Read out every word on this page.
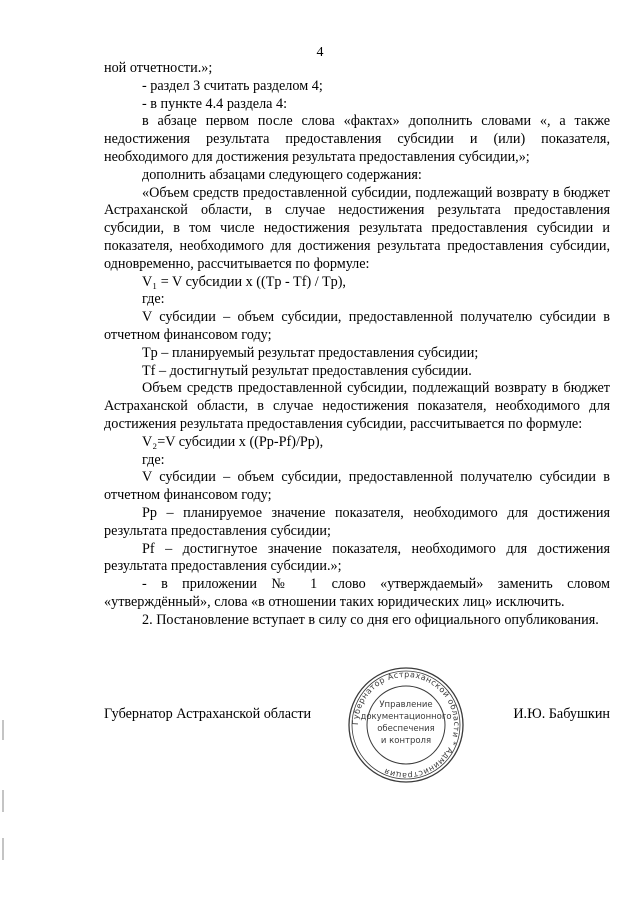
4

ной отчетности.»;

- раздел 3 считать разделом 4;

- в пункте 4.4 раздела 4:

в абзаце первом после слова «фактах» дополнить словами «, а также недостижения результата предоставления субсидии и (или) показателя, необходимого для достижения результата предоставления субсидии,»;

дополнить абзацами следующего содержания:

«Объем средств предоставленной субсидии, подлежащий возврату в бюджет Астраханской области, в случае недостижения результата предоставления субсидии, в том числе недостижения результата предоставления субсидии и показателя, необходимого для достижения результата предоставления субсидии, одновременно, рассчитывается по формуле:

V₁ = V субсидии x ((Tp - Tf) / Tp),

где:

V субсидии – объем субсидии, предоставленной получателю субсидии в отчетном финансовом году;

Tp – планируемый результат предоставления субсидии;

Tf – достигнутый результат предоставления субсидии.

Объем средств предоставленной субсидии, подлежащий возврату в бюджет Астраханской области, в случае недостижения показателя, необходимого для достижения результата предоставления субсидии, рассчитывается по формуле:

V₂=V субсидии x ((Pp-Pf)/Pp),

где:

V субсидии – объем субсидии, предоставленной получателю субсидии в отчетном финансовом году;

Pp – планируемое значение показателя, необходимого для достижения результата предоставления субсидии;

Pf – достигнутое значение показателя, необходимого для достижения результата предоставления субсидии.»;

- в приложении № 1 слово «утверждаемый» заменить словом «утверждённый», слова «в отношении таких юридических лиц» исключить.

2. Постановление вступает в силу со дня его официального опубликования.

Губернатор Астраханской области	И.Ю. Бабушкин
Губернатор Астраханской области * Администрация
Управление
документационного
обеспечения
и контроля
